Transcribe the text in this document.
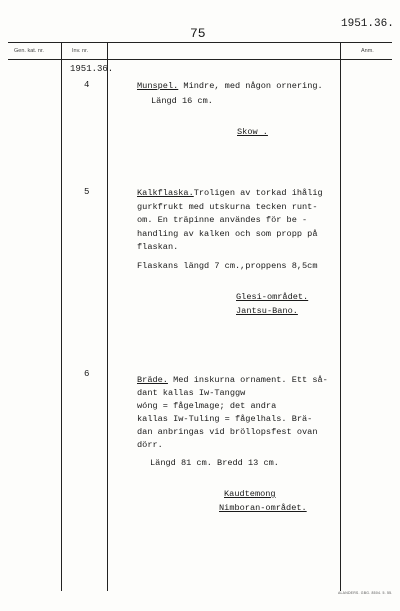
75
1951.36.
Gen. kat. nr.	Inv. nr.	Anm.
1951.36.
4	Munspel. Mindre, med någon ornering.
Längd 16 cm.
Skow .
5	Kalkflaska.Troligen av torkad ihålig
gurkfrukt med utskurna tecken runt-
om. En träpinne användes för be -
handling av kalken och som propp på
flaskan.
Flaskans längd 7 cm.,proppens 8,5cm
Glesi-området.
Jantsu-Bano.
6
Bräde. Med inskurna ornament. Ett så-
dant kallas Iw-Tanggw
wóng = fågelmage; det andra
kallas Iw-Tuling = fågelhals. Brä-
dan anbringas vid bröllopsfest ovan
dörr.
Längd 81 cm. Bredd 13 cm.
Kaudtemong
Nimboran-området.
ALANDERS. GBG. 8504. 5. 55.
